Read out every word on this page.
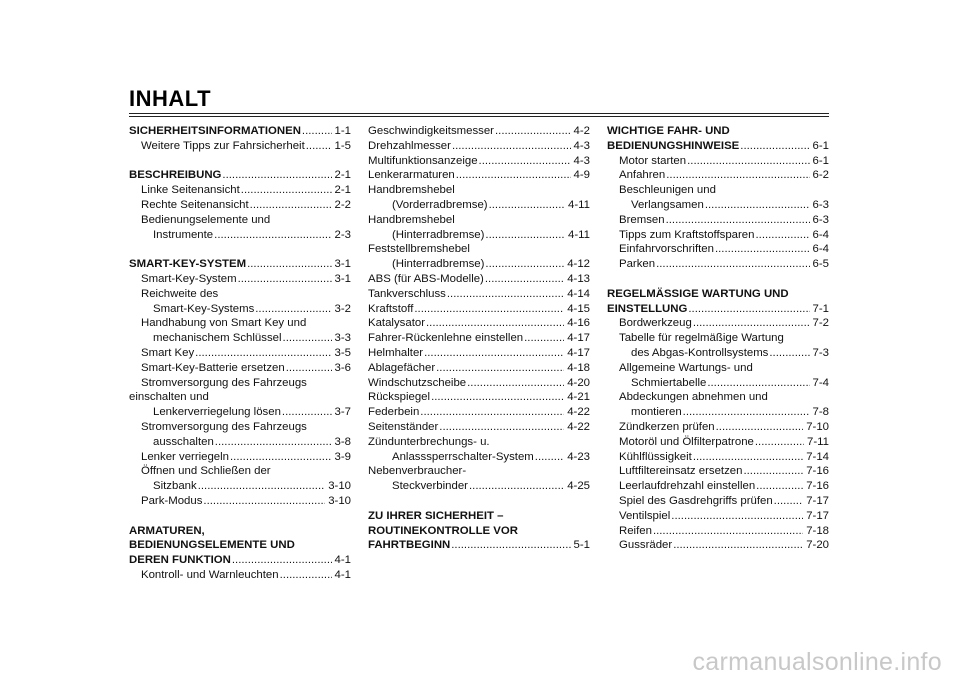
INHALT
SICHERHEITSINFORMATIONEN .....	1-1
Weitere Tipps zur Fahrsicherheit .....	1-5
BESCHREIBUNG .....	2-1
Linke Seitenansicht .....	2-1
Rechte Seitenansicht .....	2-2
Bedienungselemente und
Instrumente .....	2-3
SMART-KEY-SYSTEM .....	3-1
Smart-Key-System .....	3-1
Reichweite des
Smart-Key-Systems .....	3-2
Handhabung von Smart Key und
mechanischem Schlüssel .....	3-3
Smart Key .....	3-5
Smart-Key-Batterie ersetzen .....	3-6
Stromversorgung des Fahrzeugs
einschalten und
Lenkerverriegelung lösen .....	3-7
Stromversorgung des Fahrzeugs
ausschalten .....	3-8
Lenker verriegeln .....	3-9
Öffnen und Schließen der
Sitzbank .....	3-10
Park-Modus .....	3-10
ARMATUREN,
BEDIENUNGSELEMENTE UND
DEREN FUNKTION .....	4-1
Kontroll- und Warnleuchten .....	4-1
Geschwindigkeitsmesser .....	4-2
Drehzahlmesser .....	4-3
Multifunktionsanzeige .....	4-3
Lenkerarmaturen .....	4-9
Handbremshebel
(Vorderradbremse) .....	4-11
Handbremshebel
(Hinterradbremse) .....	4-11
Feststellbremshebel
(Hinterradbremse) .....	4-12
ABS (für ABS-Modelle) .....	4-13
Tankverschluss .....	4-14
Kraftstoff .....	4-15
Katalysator .....	4-16
Fahrer-Rückenlehne einstellen .....	4-17
Helmhalter .....	4-17
Ablagefächer .....	4-18
Windschutzscheibe .....	4-20
Rückspiegel .....	4-21
Federbein .....	4-22
Seitenständer .....	4-22
Zündunterbrechungs- u.
Anlasssperrschalter-System .....	4-23
Nebenverbraucher-
Steckverbinder .....	4-25
ZU IHRER SICHERHEIT –
ROUTINEKONTROLLE VOR
FAHRTBEGINN .....	5-1
WICHTIGE FAHR- UND
BEDIENUNGSHINWEISE .....	6-1
Motor starten .....	6-1
Anfahren .....	6-2
Beschleunigen und
Verlangsamen .....	6-3
Bremsen .....	6-3
Tipps zum Kraftstoffsparen .....	6-4
Einfahrvorschriften .....	6-4
Parken .....	6-5
REGELMÄSSIGE WARTUNG UND
EINSTELLUNG .....	7-1
Bordwerkzeug .....	7-2
Tabelle für regelmäßige Wartung
des Abgas-Kontrollsystems .....	7-3
Allgemeine Wartungs- und
Schmiertabelle .....	7-4
Abdeckungen abnehmen und
montieren .....	7-8
Zündkerzen prüfen .....	7-10
Motoröl und Ölfilterpatrone .....	7-11
Kühlflüssigkeit .....	7-14
Luftfiltereinsatz ersetzen .....	7-16
Leerlaufdrehzahl einstellen .....	7-16
Spiel des Gasdrehgriffs prüfen .....	7-17
Ventilspiel .....	7-17
Reifen .....	7-18
Gussräder .....	7-20
carmanualsonline.info
